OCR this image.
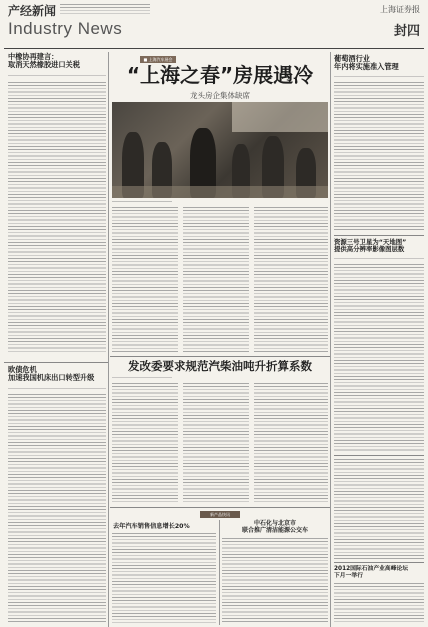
产经新闻
Industry News
上海证券报
封四
中橡协再建言：
取消天然橡胶进口关税
■ 上海汽车展会
“上海之春”房展遇冷
龙头房企集体缺席
葡萄酒行业
年内将实施准入管理
资源三号卫星为“天地图”
提供高分辨率影像图层数
欧债危机
加速我国机床出口转型升级
发改委要求规范汽柴油吨升折算系数
新产品快讯
去年汽车销售信息增长20%	中石化与北京市
联合推广清洁能源公交车
2012国际石油产业高峰论坛
下月一举行
